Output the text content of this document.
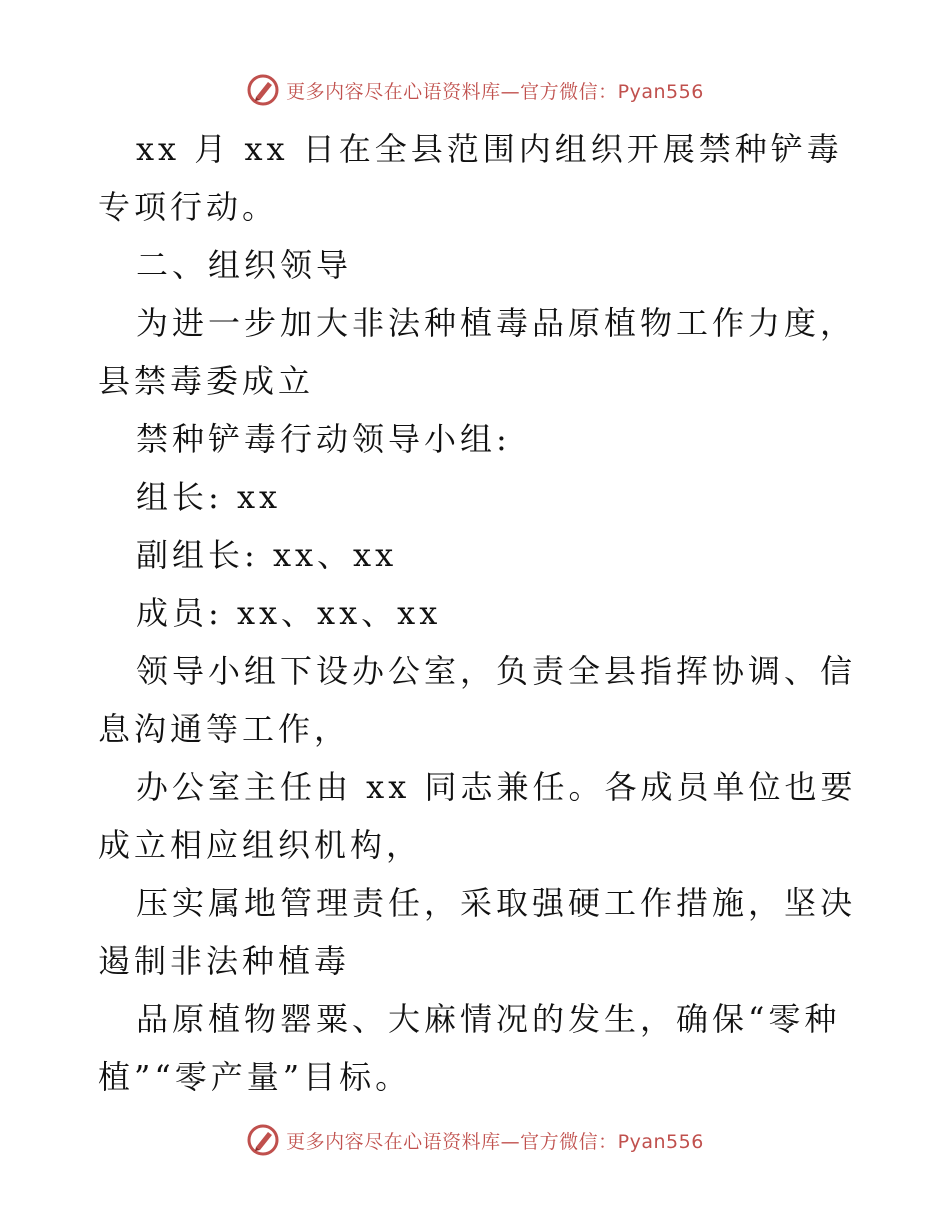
更多内容尽在心语资料库—官方微信：Pyan556

xx 月 xx 日在全县范围内组织开展禁种铲毒专项行动。

二、组织领导

为进一步加大非法种植毒品原植物工作力度，县禁毒委成立

禁种铲毒行动领导小组:

组长: xx

副组长: xx、xx

成员: xx、xx、xx

领导小组下设办公室，负责全县指挥协调、信息沟通等工作，

办公室主任由 xx 同志兼任。各成员单位也要成立相应组织机构，

压实属地管理责任，采取强硬工作措施，坚决遏制非法种植毒

品原植物罂粟、大麻情况的发生，确保“零种植”“零产量”目标。

更多内容尽在心语资料库—官方微信：Pyan556
